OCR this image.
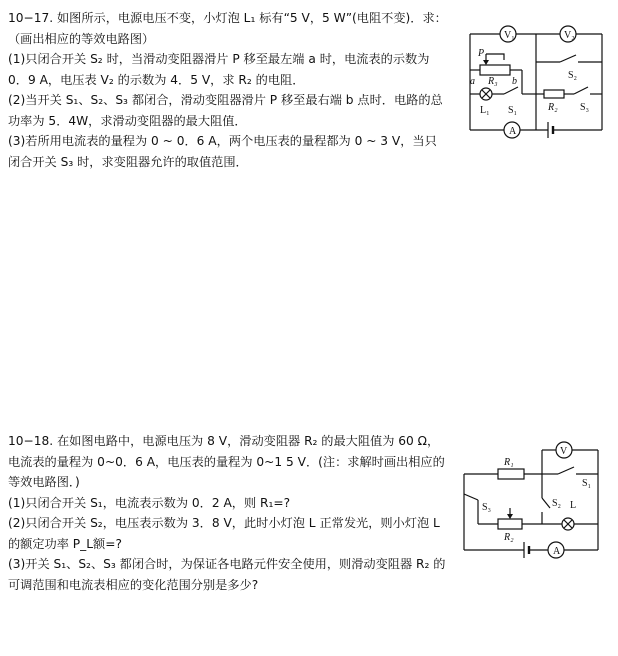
10−17. 如图所示，电源电压不变，小灯泡 L₁ 标有“5 V，5 W”(电阻不变)．求：（画出相应的等效电路图）

(1)只闭合开关 S₂ 时，当滑动变阻器滑片 P 移至最左端 a 时，电流表的示数为 0．9 A，电压表 V₂ 的示数为 4．5 V，求 R₂ 的电阻．

(2)当开关 S₁、S₂、S₃ 都闭合，滑动变阻器滑片 P 移至最右端 b 点时．电路的总功率为 5．4W，求滑动变阻器的最大阻值．

(3)若所用电流表的量程为 0 ~ 0．6 A，两个电压表的量程都为 0 ~ 3 V，当只闭合开关 S₃ 时，求变阻器允许的取值范围．

V₁	V₂
P
a R₃ b
S₂
R₂ S₃
L₁ S₁
A

10−18. 在如图电路中，电源电压为 8 V，滑动变阻器 R₂ 的最大阻值为 60 Ω，电流表的量程为 0~0．6 A，电压表的量程为 0~1 5 V．(注：求解时画出相应的等效电路图．)

(1)只闭合开关 S₁，电流表示数为 0．2 A，则 R₁=?

(2)只闭合开关 S₂，电压表示数为 3．8 V，此时小灯泡 L 正常发光，则小灯泡 L 的额定功率 P_L额=?

(3)开关 S₁、S₂、S₃ 都闭合时，为保证各电路元件安全使用，则滑动变阻器 R₂ 的可调范围和电流表相应的变化范围分别是多少?

V
R₁
S₁
S₃	S₂ L
R₂
A
